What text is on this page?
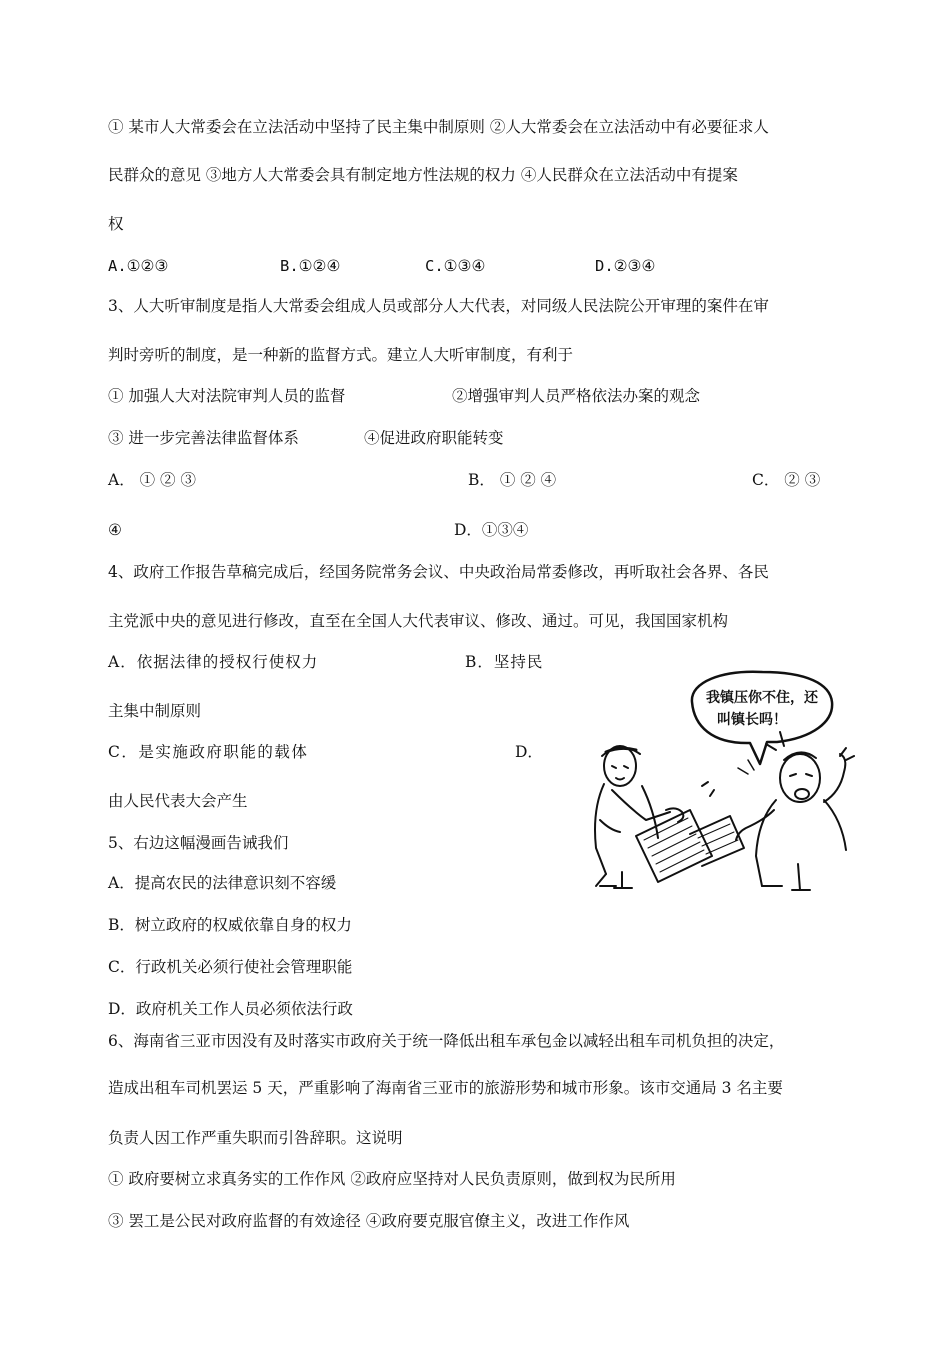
① 某市人大常委会在立法活动中坚持了民主集中制原则 ②人大常委会在立法活动中有必要征求人
民群众的意见 ③地方人大常委会具有制定地方性法规的权力 ④人民群众在立法活动中有提案
权
A.①②③	B.①②④	C.①③④	D.②③④
3、人大听审制度是指人大常委会组成人员或部分人大代表，对同级人民法院公开审理的案件在审
判时旁听的制度，是一种新的监督方式。建立人大听审制度，有利于
① 加强人大对法院审判人员的监督	②增强审判人员严格依法办案的观念
③ 进一步完善法律监督体系	④促进政府职能转变
A． ① ② ③	B． ① ② ④	C． ② ③
④	D．①③④
4、政府工作报告草稿完成后，经国务院常务会议、中央政治局常委修改，再听取社会各界、各民
主党派中央的意见进行修改，直至在全国人大代表审议、修改、通过。可见，我国国家机构
A．依据法律的授权行使权力	B．坚持民
主集中制原则
C．是实施政府职能的载体	D．
由人民代表大会产生
5、右边这幅漫画告诫我们
A．提高农民的法律意识刻不容缓
B．树立政府的权威依靠自身的权力
C．行政机关必须行使社会管理职能
D．政府机关工作人员必须依法行政
我镇压你不住，还
叫镇长吗！
6、海南省三亚市因没有及时落实市政府关于统一降低出租车承包金以减轻出租车司机负担的决定，
造成出租车司机罢运 5 天，严重影响了海南省三亚市的旅游形势和城市形象。该市交通局 3 名主要
负责人因工作严重失职而引咎辞职。这说明
① 政府要树立求真务实的工作作风 ②政府应坚持对人民负责原则，做到权为民所用
③ 罢工是公民对政府监督的有效途径 ④政府要克服官僚主义，改进工作作风
